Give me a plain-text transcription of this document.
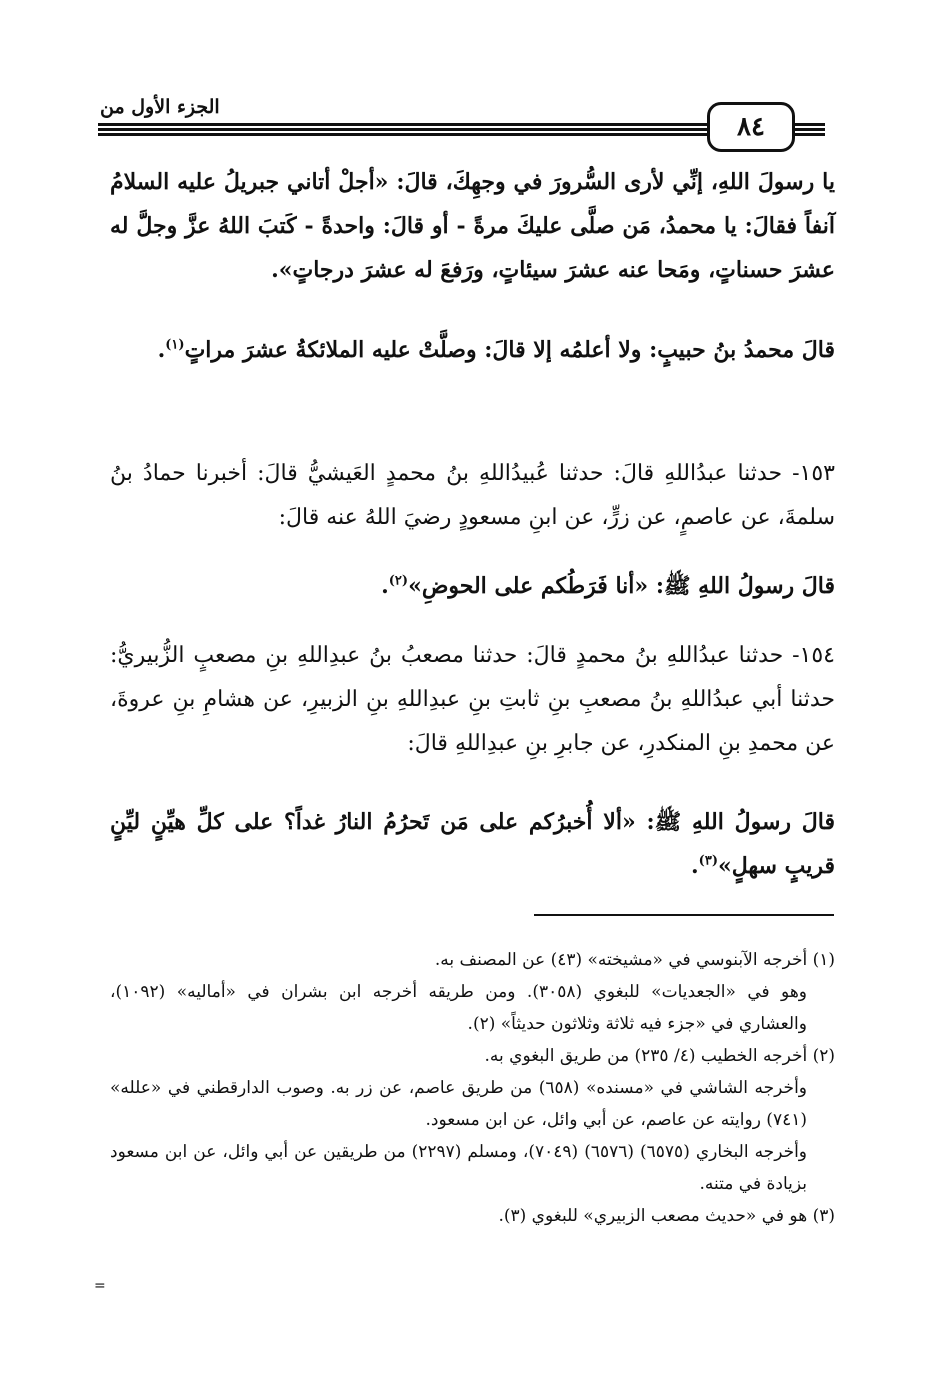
الجزء الأول من
٨٤

يا رسولَ اللهِ، إنِّي لأرى السُّرورَ في وجهِكَ، قالَ: «أجلْ أتاني جبريلُ عليه السلامُ آنفاً فقالَ: يا محمدُ، مَن صلَّى عليكَ مرةً - أو قالَ: واحدةً - كَتبَ اللهُ عزَّ وجلَّ له عشرَ حسناتٍ، ومَحا عنه عشرَ سيئاتٍ، ورَفعَ له عشرَ درجاتٍ».

قالَ محمدُ بنُ حبيبٍ: ولا أعلمُه إلا قالَ: وصلَّتْ عليه الملائكةُ عشرَ مراتٍ$^{(١)}$.

١٥٣- حدثنا عبدُاللهِ قالَ: حدثنا عُبيدُاللهِ بنُ محمدٍ العَيشيُّ قالَ: أخبرنا حمادُ بنُ سلمةَ، عن عاصمٍ، عن زرٍّ، عن ابنِ مسعودٍ رضيَ اللهُ عنه قالَ:

قالَ رسولُ اللهِ ﷺ: «أنا فَرَطُكم على الحوضِ»$^{(٢)}$.

١٥٤- حدثنا عبدُاللهِ بنُ محمدٍ قالَ: حدثنا مصعبُ بنُ عبدِاللهِ بنِ مصعبٍ الزُّبيريُّ: حدثنا أبي عبدُاللهِ بنُ مصعبِ بنِ ثابتِ بنِ عبدِاللهِ بنِ الزبيرِ، عن هشامِ بنِ عروةَ، عن محمدِ بنِ المنكدرِ، عن جابرِ بنِ عبدِاللهِ قالَ:

قالَ رسولُ اللهِ ﷺ: «ألا أُخبرُكم على مَن تَحرُمُ النارُ غداً؟ على كلِّ هيِّنٍ ليِّنٍ قريبٍ سهلٍ»$^{(٣)}$.

(١) أخرجه الآبنوسي في «مشيخته» (٤٣) عن المصنف به.

وهو في «الجعديات» للبغوي (٣٠٥٨). ومن طريقه أخرجه ابن بشران في «أماليه» (١٠٩٢)، والعشاري في «جزء فيه ثلاثة وثلاثون حديثاً» (٢).

(٢) أخرجه الخطيب (٤/ ٢٣٥) من طريق البغوي به.

وأخرجه الشاشي في «مسنده» (٦٥٨) من طريق عاصم، عن زر به. وصوب الدارقطني في «علله» (٧٤١) روايته عن عاصم، عن أبي وائل، عن ابن مسعود.

وأخرجه البخاري (٦٥٧٥) (٦٥٧٦) (٧٠٤٩)، ومسلم (٢٢٩٧) من طريقين عن أبي وائل، عن ابن مسعود بزيادة في متنه.

(٣) هو في «حديث مصعب الزبيري» للبغوي (٣).

=
